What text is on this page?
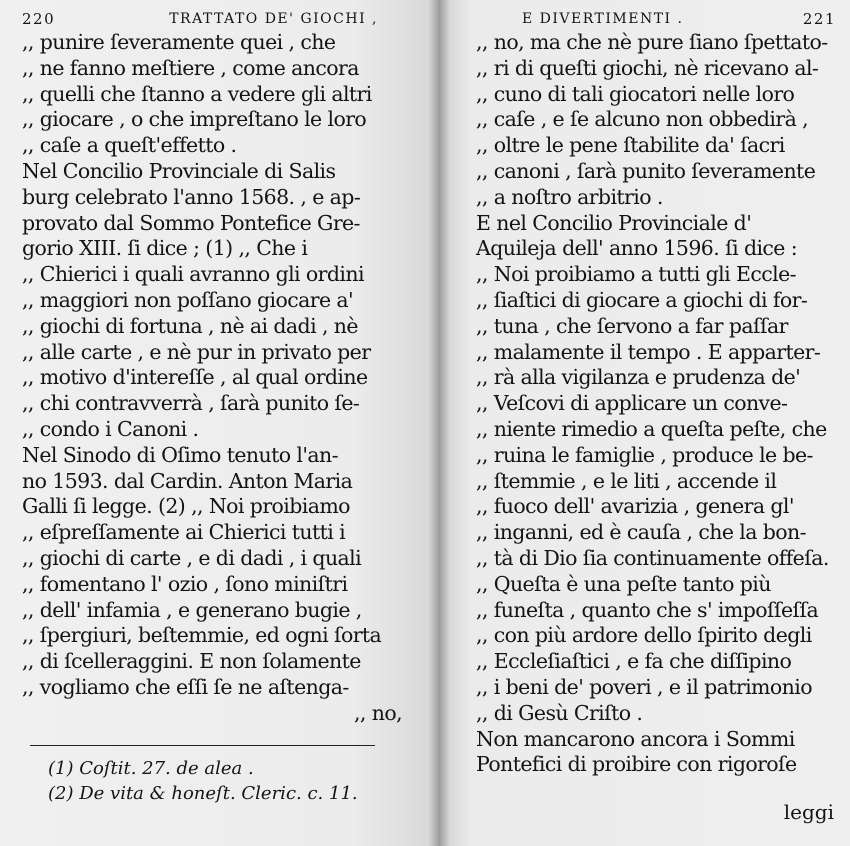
220	TRATTATO DE' GIOCHI ,
,, punire ſeveramente quei , che
,, ne fanno meſtiere , come ancora
,, quelli che ſtanno a vedere gli altri
,, giocare , o che impreſtano le loro
,, caſe a queſt'effetto .
Nel Concilio Provinciale di Salis
burg celebrato l'anno 1568. , e ap-
provato dal Sommo Pontefice Gre-
gorio XIII. ſi dice ; (1) ,, Che i
,, Chierici i quali avranno gli ordini
,, maggiori non poſſano giocare a'
,, giochi di fortuna , nè ai dadi , nè
,, alle carte , e nè pur in privato per
,, motivo d'intereſſe , al qual ordine
,, chi contravverrà , ſarà punito ſe-
,, condo i Canoni .
Nel Sinodo di Oſimo tenuto l'an-
no 1593. dal Cardin. Anton Maria
Galli ſi legge. (2) ,, Noi proibiamo
,, eſpreſſamente ai Chierici tutti i
,, giochi di carte , e di dadi , i quali
,, fomentano l' ozio , ſono miniſtri
,, dell' infamia , e generano bugie ,
,, ſpergiuri, beſtemmie, ed ogni ſorta
,, di ſcelleraggini. E non ſolamente
,, vogliamo che eſſi ſe ne aſtenga-
,, no,
(1) Coſtit. 27. de alea .
(2) De vita & honeſt. Cleric. c. 11.
E DIVERTIMENTI .	221
,, no, ma che nè pure ſiano ſpettato-
,, ri di queſti giochi, nè ricevano al-
,, cuno di tali giocatori nelle loro
,, caſe , e ſe alcuno non obbedirà ,
,, oltre le pene ſtabilite da' ſacri
,, canoni , ſarà punito ſeveramente
,, a noſtro arbitrio .
E nel Concilio Provinciale d'
Aquileja dell' anno 1596. ſi dice :
,, Noi proibiamo a tutti gli Eccle-
,, ſiaſtici di giocare a giochi di for-
,, tuna , che ſervono a far paſſar
,, malamente il tempo . E apparter-
,, rà alla vigilanza e prudenza de'
,, Veſcovi di applicare un conve-
,, niente rimedio a queſta peſte, che
,, ruina le famiglie , produce le be-
,, ſtemmie , e le liti , accende il
,, fuoco dell' avarizia , genera gl'
,, inganni, ed è cauſa , che la bon-
,, tà di Dio ſia continuamente offeſa.
,, Queſta è una peſte tanto più
,, funeſta , quanto che s' impoſſeſſa
,, con più ardore dello ſpirito degli
,, Eccleſiaſtici , e fa che diſſipino
,, i beni de' poveri , e il patrimonio
,, di Gesù Criſto .
Non mancarono ancora i Sommi
Pontefici di proibire con rigoroſe
leggi
